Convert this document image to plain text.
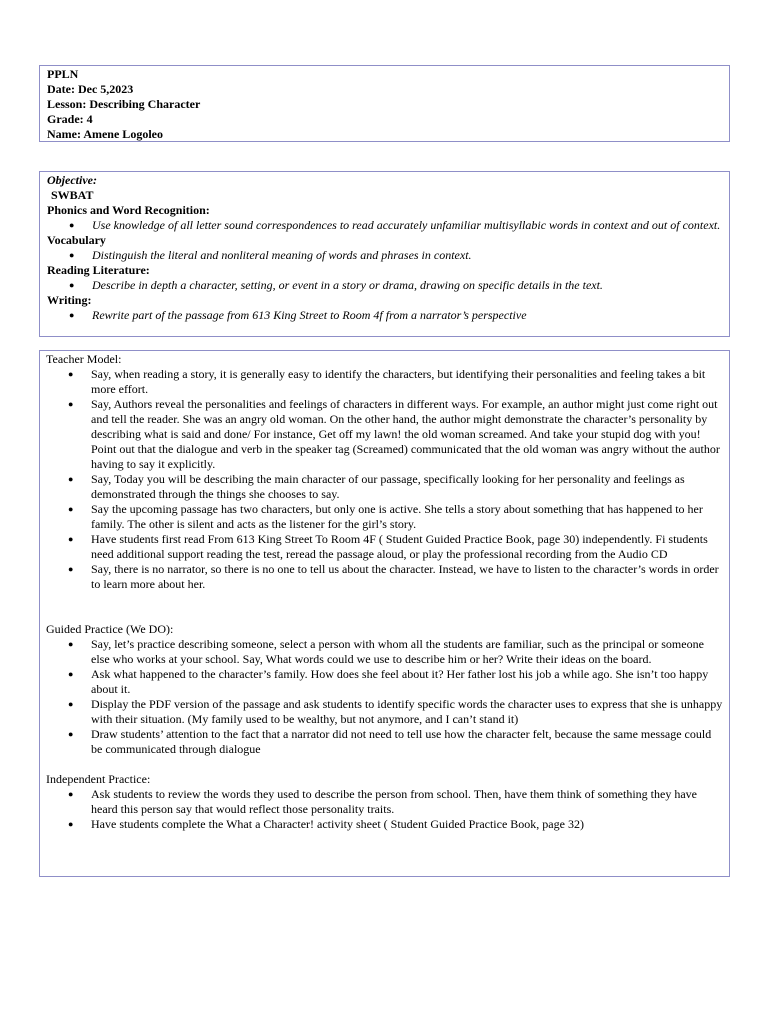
PPLN
Date: Dec 5,2023
Lesson: Describing Character
Grade: 4
Name: Amene Logoleo
Objective:
SWBAT
Phonics and Word Recognition:
● Use knowledge of all letter sound correspondences to read accurately unfamiliar multisyllabic words in context and out of context.
Vocabulary
● Distinguish the literal and nonliteral meaning of words and phrases in context.
Reading Literature:
● Describe in depth a character, setting, or event in a story or drama, drawing on specific details in the text.
Writing:
● Rewrite part of the passage from 613 King Street to Room 4f from a narrator’s perspective
Teacher Model:
● Say, when reading a story, it is generally easy to identify the characters, but identifying their personalities and feeling takes a bit more effort.
● Say, Authors reveal the personalities and feelings of characters in different ways. For example, an author might just come right out and tell the reader. She was an angry old woman. On the other hand, the author might demonstrate the character’s personality by describing what is said and done/ For instance, Get off my lawn! the old woman screamed. And take your stupid dog with you! Point out that the dialogue and verb in the speaker tag (Screamed) communicated that the old woman was angry without the author having to say it explicitly.
● Say, Today you will be describing the main character of our passage, specifically looking for her personality and feelings as demonstrated through the things she chooses to say.
● Say the upcoming passage has two characters, but only one is active. She tells a story about something that has happened to her family. The other is silent and acts as the listener for the girl’s story.
● Have students first read From 613 King Street To Room 4F ( Student Guided Practice Book, page 30) independently. Fi students need additional support reading the test, reread the passage aloud, or play the professional recording from the Audio CD
● Say, there is no narrator, so there is no one to tell us about the character. Instead, we have to listen to the character’s words in order to learn more about her.
Guided Practice (We DO):
● Say, let’s practice describing someone, select a person with whom all the students are familiar, such as the principal or someone else who works at your school. Say, What words could we use to describe him or her? Write their ideas on the board.
● Ask what happened to the character’s family. How does she feel about it? Her father lost his job a while ago. She isn’t too happy about it.
● Display the PDF version of the passage and ask students to identify specific words the character uses to express that she is unhappy with their situation. (My family used to be wealthy, but not anymore, and I can’t stand it)
● Draw students’ attention to the fact that a narrator did not need to tell use how the character felt, because the same message could be communicated through dialogue
Independent Practice:
● Ask students to review the words they used to describe the person from school. Then, have them think of something they have heard this person say that would reflect those personality traits.
● Have students complete the What a Character! activity sheet ( Student Guided Practice Book, page 32)
